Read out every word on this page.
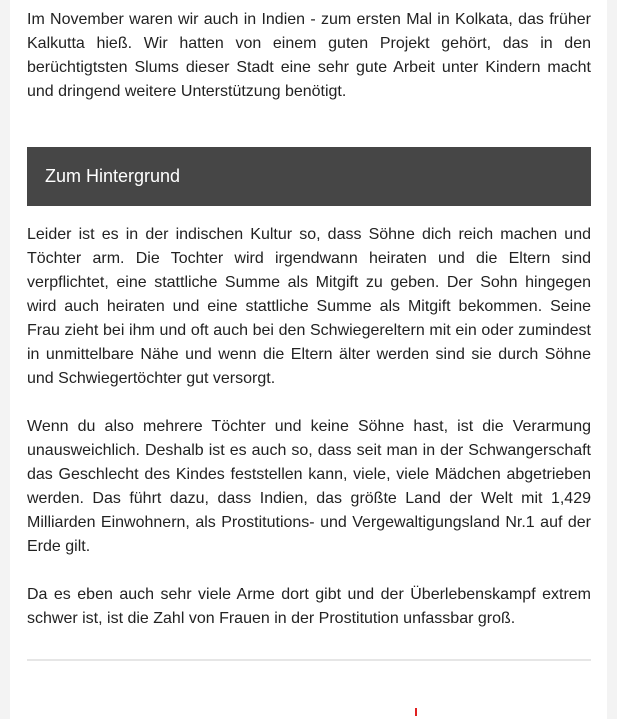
Im November waren wir auch in Indien - zum ersten Mal in Kolkata, das früher Kalkutta hieß. Wir hatten von einem guten Projekt gehört, das in den berüchtigtsten Slums dieser Stadt eine sehr gute Arbeit unter Kindern macht und dringend weitere Unterstützung benötigt.

Zum Hintergrund

Leider ist es in der indischen Kultur so, dass Söhne dich reich machen und Töchter arm. Die Tochter wird irgendwann heiraten und die Eltern sind verpflichtet, eine stattliche Summe als Mitgift zu geben. Der Sohn hingegen wird auch heiraten und eine stattliche Summe als Mitgift bekommen. Seine Frau zieht bei ihm und oft auch bei den Schwiegereltern mit ein oder zumindest in unmittelbare Nähe und wenn die Eltern älter werden sind sie durch Söhne und Schwiegertöchter gut versorgt.

Wenn du also mehrere Töchter und keine Söhne hast, ist die Verarmung unausweichlich. Deshalb ist es auch so, dass seit man in der Schwangerschaft das Geschlecht des Kindes feststellen kann, viele, viele Mädchen abgetrieben werden. Das führt dazu, dass Indien, das größte Land der Welt mit 1,429 Milliarden Einwohnern, als Prostitutions- und Vergewaltigungsland Nr.1 auf der Erde gilt.

Da es eben auch sehr viele Arme dort gibt und der Überlebenskampf extrem schwer ist, ist die Zahl von Frauen in der Prostitution unfassbar groß.
